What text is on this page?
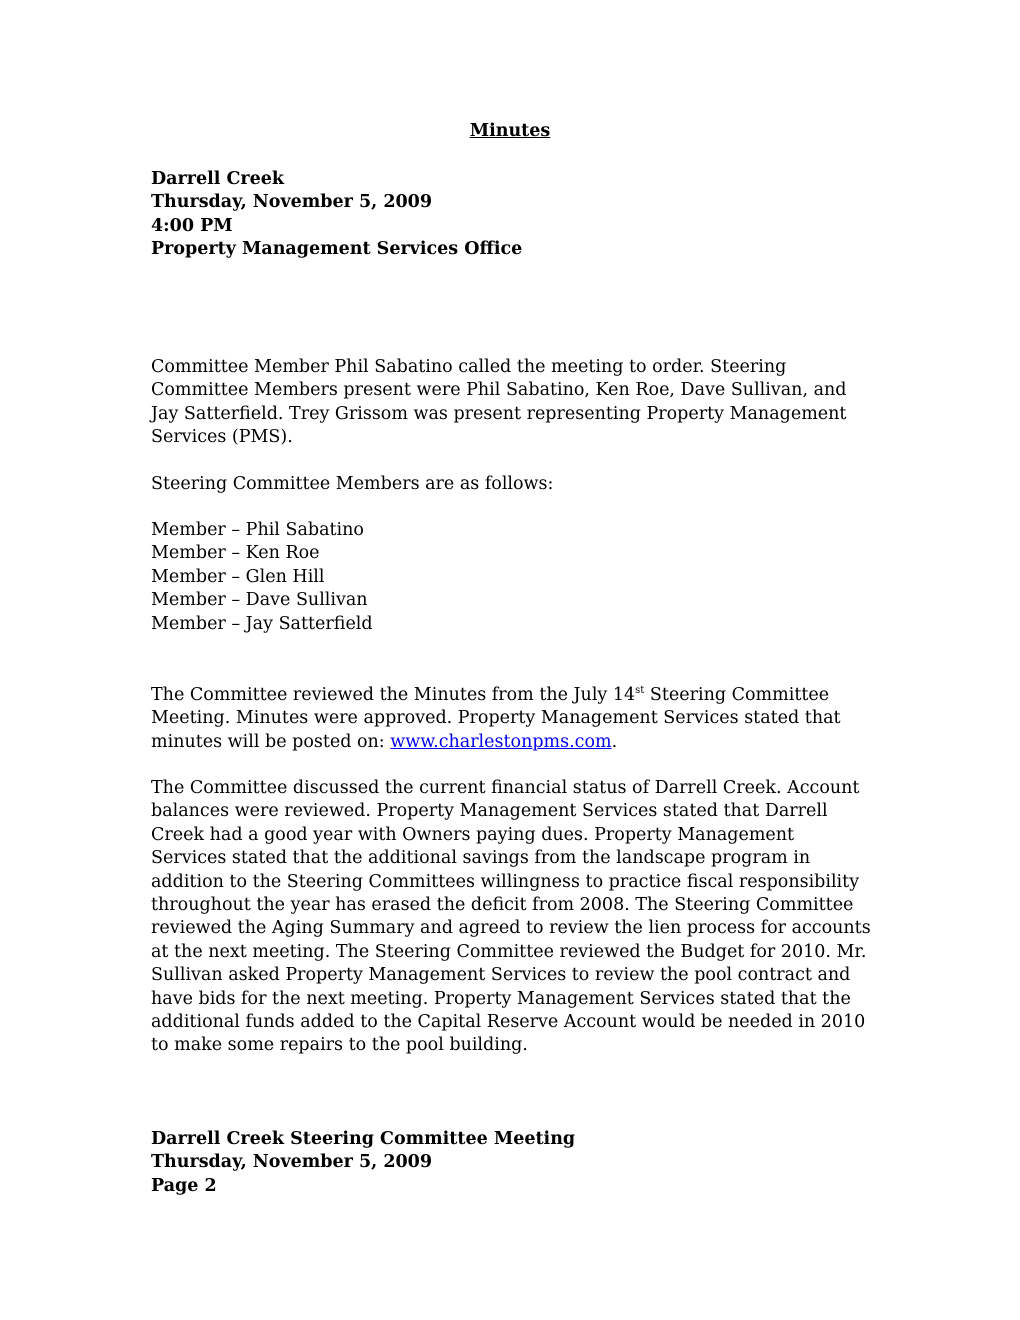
Minutes
Darrell Creek
Thursday, November 5, 2009
4:00 PM
Property Management Services Office

Committee Member Phil Sabatino called the meeting to order. Steering Committee Members present were Phil Sabatino, Ken Roe, Dave Sullivan, and Jay Satterfield. Trey Grissom was present representing Property Management Services (PMS).

Steering Committee Members are as follows:

Member – Phil Sabatino
Member – Ken Roe
Member – Glen Hill
Member – Dave Sullivan
Member – Jay Satterfield

The Committee reviewed the Minutes from the July 14st Steering Committee Meeting. Minutes were approved. Property Management Services stated that minutes will be posted on: www.charlestonpms.com.

The Committee discussed the current financial status of Darrell Creek. Account balances were reviewed. Property Management Services stated that Darrell Creek had a good year with Owners paying dues. Property Management Services stated that the additional savings from the landscape program in addition to the Steering Committees willingness to practice fiscal responsibility throughout the year has erased the deficit from 2008. The Steering Committee reviewed the Aging Summary and agreed to review the lien process for accounts at the next meeting. The Steering Committee reviewed the Budget for 2010. Mr. Sullivan asked Property Management Services to review the pool contract and have bids for the next meeting. Property Management Services stated that the additional funds added to the Capital Reserve Account would be needed in 2010 to make some repairs to the pool building.

Darrell Creek Steering Committee Meeting
Thursday, November 5, 2009
Page 2
